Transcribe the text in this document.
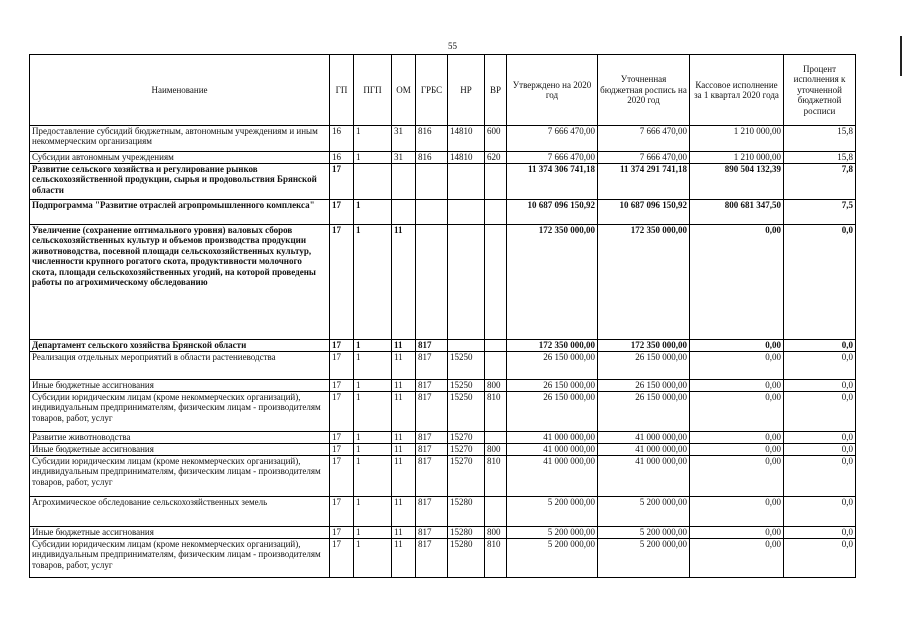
55
Наименование	ГП	ПГП	ОМ	ГРБС	НР	ВР	Утверждено на 2020 год	Уточненная бюджетная роспись на 2020 год	Кассовое исполнение за 1 квартал 2020 года	Процент исполнения к уточненной бюджетной росписи
Предоставление субсидий бюджетным, автономным учреждениям и иным некоммерческим организациям	16	1	31	816	14810	600	7 666 470,00	7 666 470,00	1 210 000,00	15,8
Субсидии автономным учреждениям	16	1	31	816	14810	620	7 666 470,00	7 666 470,00	1 210 000,00	15,8
Развитие сельского хозяйства и регулирование рынков сельскохозяйственной продукции, сырья и продовольствия Брянской области	17						11 374 306 741,18	11 374 291 741,18	890 504 132,39	7,8
Подпрограмма "Развитие отраслей агропромышленного комплекса"	17	1					10 687 096 150,92	10 687 096 150,92	800 681 347,50	7,5
Увеличение (сохранение оптимального уровня) валовых сборов сельскохозяйственных культур и объемов производства продукции животноводства, посевной площади сельскохозяйственных культур, численности крупного рогатого скота, продуктивности молочного скота, площади сельскохозяйственных угодий, на которой проведены работы по агрохимическому обследованию	17	1	11				172 350 000,00	172 350 000,00	0,00	0,0
Департамент сельского хозяйства Брянской области	17	1	11	817			172 350 000,00	172 350 000,00	0,00	0,0
Реализация отдельных мероприятий в области растениеводства	17	1	11	817	15250		26 150 000,00	26 150 000,00	0,00	0,0
Иные бюджетные ассигнования	17	1	11	817	15250	800	26 150 000,00	26 150 000,00	0,00	0,0
Субсидии юридическим лицам (кроме некоммерческих организаций), индивидуальным предпринимателям, физическим лицам - производителям товаров, работ, услуг	17	1	11	817	15250	810	26 150 000,00	26 150 000,00	0,00	0,0
Развитие животноводства	17	1	11	817	15270		41 000 000,00	41 000 000,00	0,00	0,0
Иные бюджетные ассигнования	17	1	11	817	15270	800	41 000 000,00	41 000 000,00	0,00	0,0
Субсидии юридическим лицам (кроме некоммерческих организаций), индивидуальным предпринимателям, физическим лицам - производителям товаров, работ, услуг	17	1	11	817	15270	810	41 000 000,00	41 000 000,00	0,00	0,0
Агрохимическое обследование сельскохозяйственных земель	17	1	11	817	15280		5 200 000,00	5 200 000,00	0,00	0,0
Иные бюджетные ассигнования	17	1	11	817	15280	800	5 200 000,00	5 200 000,00	0,00	0,0
Субсидии юридическим лицам (кроме некоммерческих организаций), индивидуальным предпринимателям, физическим лицам - производителям товаров, работ, услуг	17	1	11	817	15280	810	5 200 000,00	5 200 000,00	0,00	0,0
